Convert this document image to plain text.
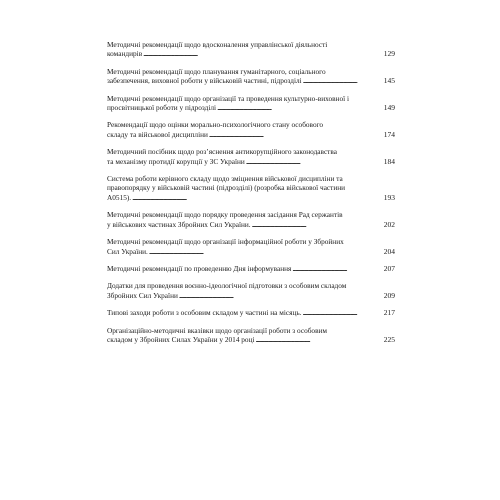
Методичні рекомендації щодо вдосконалення управлінської діяльності
командирів . . .	129
Методичні рекомендації щодо планування гуманітарного, соціального
забезпечення, виховної роботи у військовій частині, підрозділі . . .	145
Методичні рекомендації щодо організації та проведення культурно-виховної і
просвітницької роботи у підрозділі . . .	149
Рекомендації щодо оцінки морально-психологічного стану особового
складу та військової дисципліни . . .	174
Методичний посібник щодо роз’яснення антикорупційного законодавства
та механізму протидії корупції у ЗС України . . .	184
Система роботи керівного складу щодо зміцнення військової дисципліни та
правопорядку у військовій частині (підрозділі) (розробка військової частини
А0515). . . .	193
Методичні рекомендації щодо порядку проведення засідання Рад сержантів
у військових частинах Збройних Сил України. . . .	202
Методичні рекомендації щодо організації інформаційної роботи у Збройних
Сил України. . . .	204
Методичні рекомендації по проведенню Дня інформування . . .	207
Додатки для проведення воєнно-ідеологічної підготовки з особовим складом
Збройних Сил України . . .	209
Типові заходи роботи з особовим складом у частині на місяць. . . .	217
Організаційно-методичні вказівки щодо організації роботи з особовим
складом у Збройних Силах України у 2014 році . . .	225
